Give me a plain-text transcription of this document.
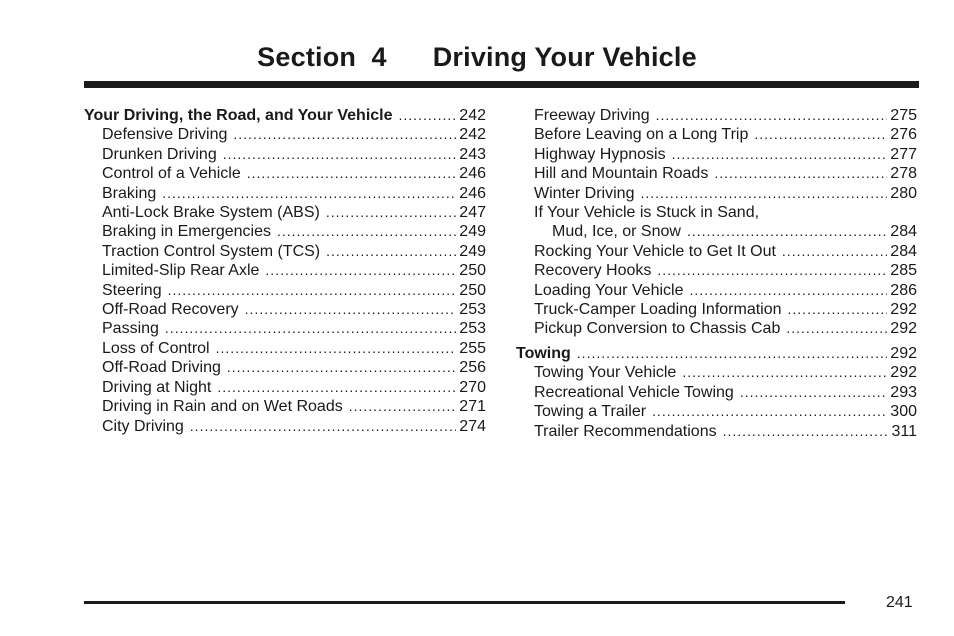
Section  4 Driving Your Vehicle
Your Driving, the Road, and Your Vehicle .....	242
Defensive Driving .....	242
Drunken Driving .....	243
Control of a Vehicle .....	246
Braking .....	246
Anti-Lock Brake System (ABS) .....	247
Braking in Emergencies .....	249
Traction Control System (TCS) .....	249
Limited-Slip Rear Axle .....	250
Steering .....	250
Off-Road Recovery .....	253
Passing .....	253
Loss of Control .....	255
Off-Road Driving .....	256
Driving at Night .....	270
Driving in Rain and on Wet Roads .....	271
City Driving .....	274
Freeway Driving .....	275
Before Leaving on a Long Trip .....	276
Highway Hypnosis .....	277
Hill and Mountain Roads .....	278
Winter Driving .....	280
If Your Vehicle is Stuck in Sand,
Mud, Ice, or Snow .....	284
Rocking Your Vehicle to Get It Out .....	284
Recovery Hooks .....	285
Loading Your Vehicle .....	286
Truck-Camper Loading Information .....	292
Pickup Conversion to Chassis Cab .....	292
Towing .....	292
Towing Your Vehicle .....	292
Recreational Vehicle Towing .....	293
Towing a Trailer .....	300
Trailer Recommendations .....	311
241
